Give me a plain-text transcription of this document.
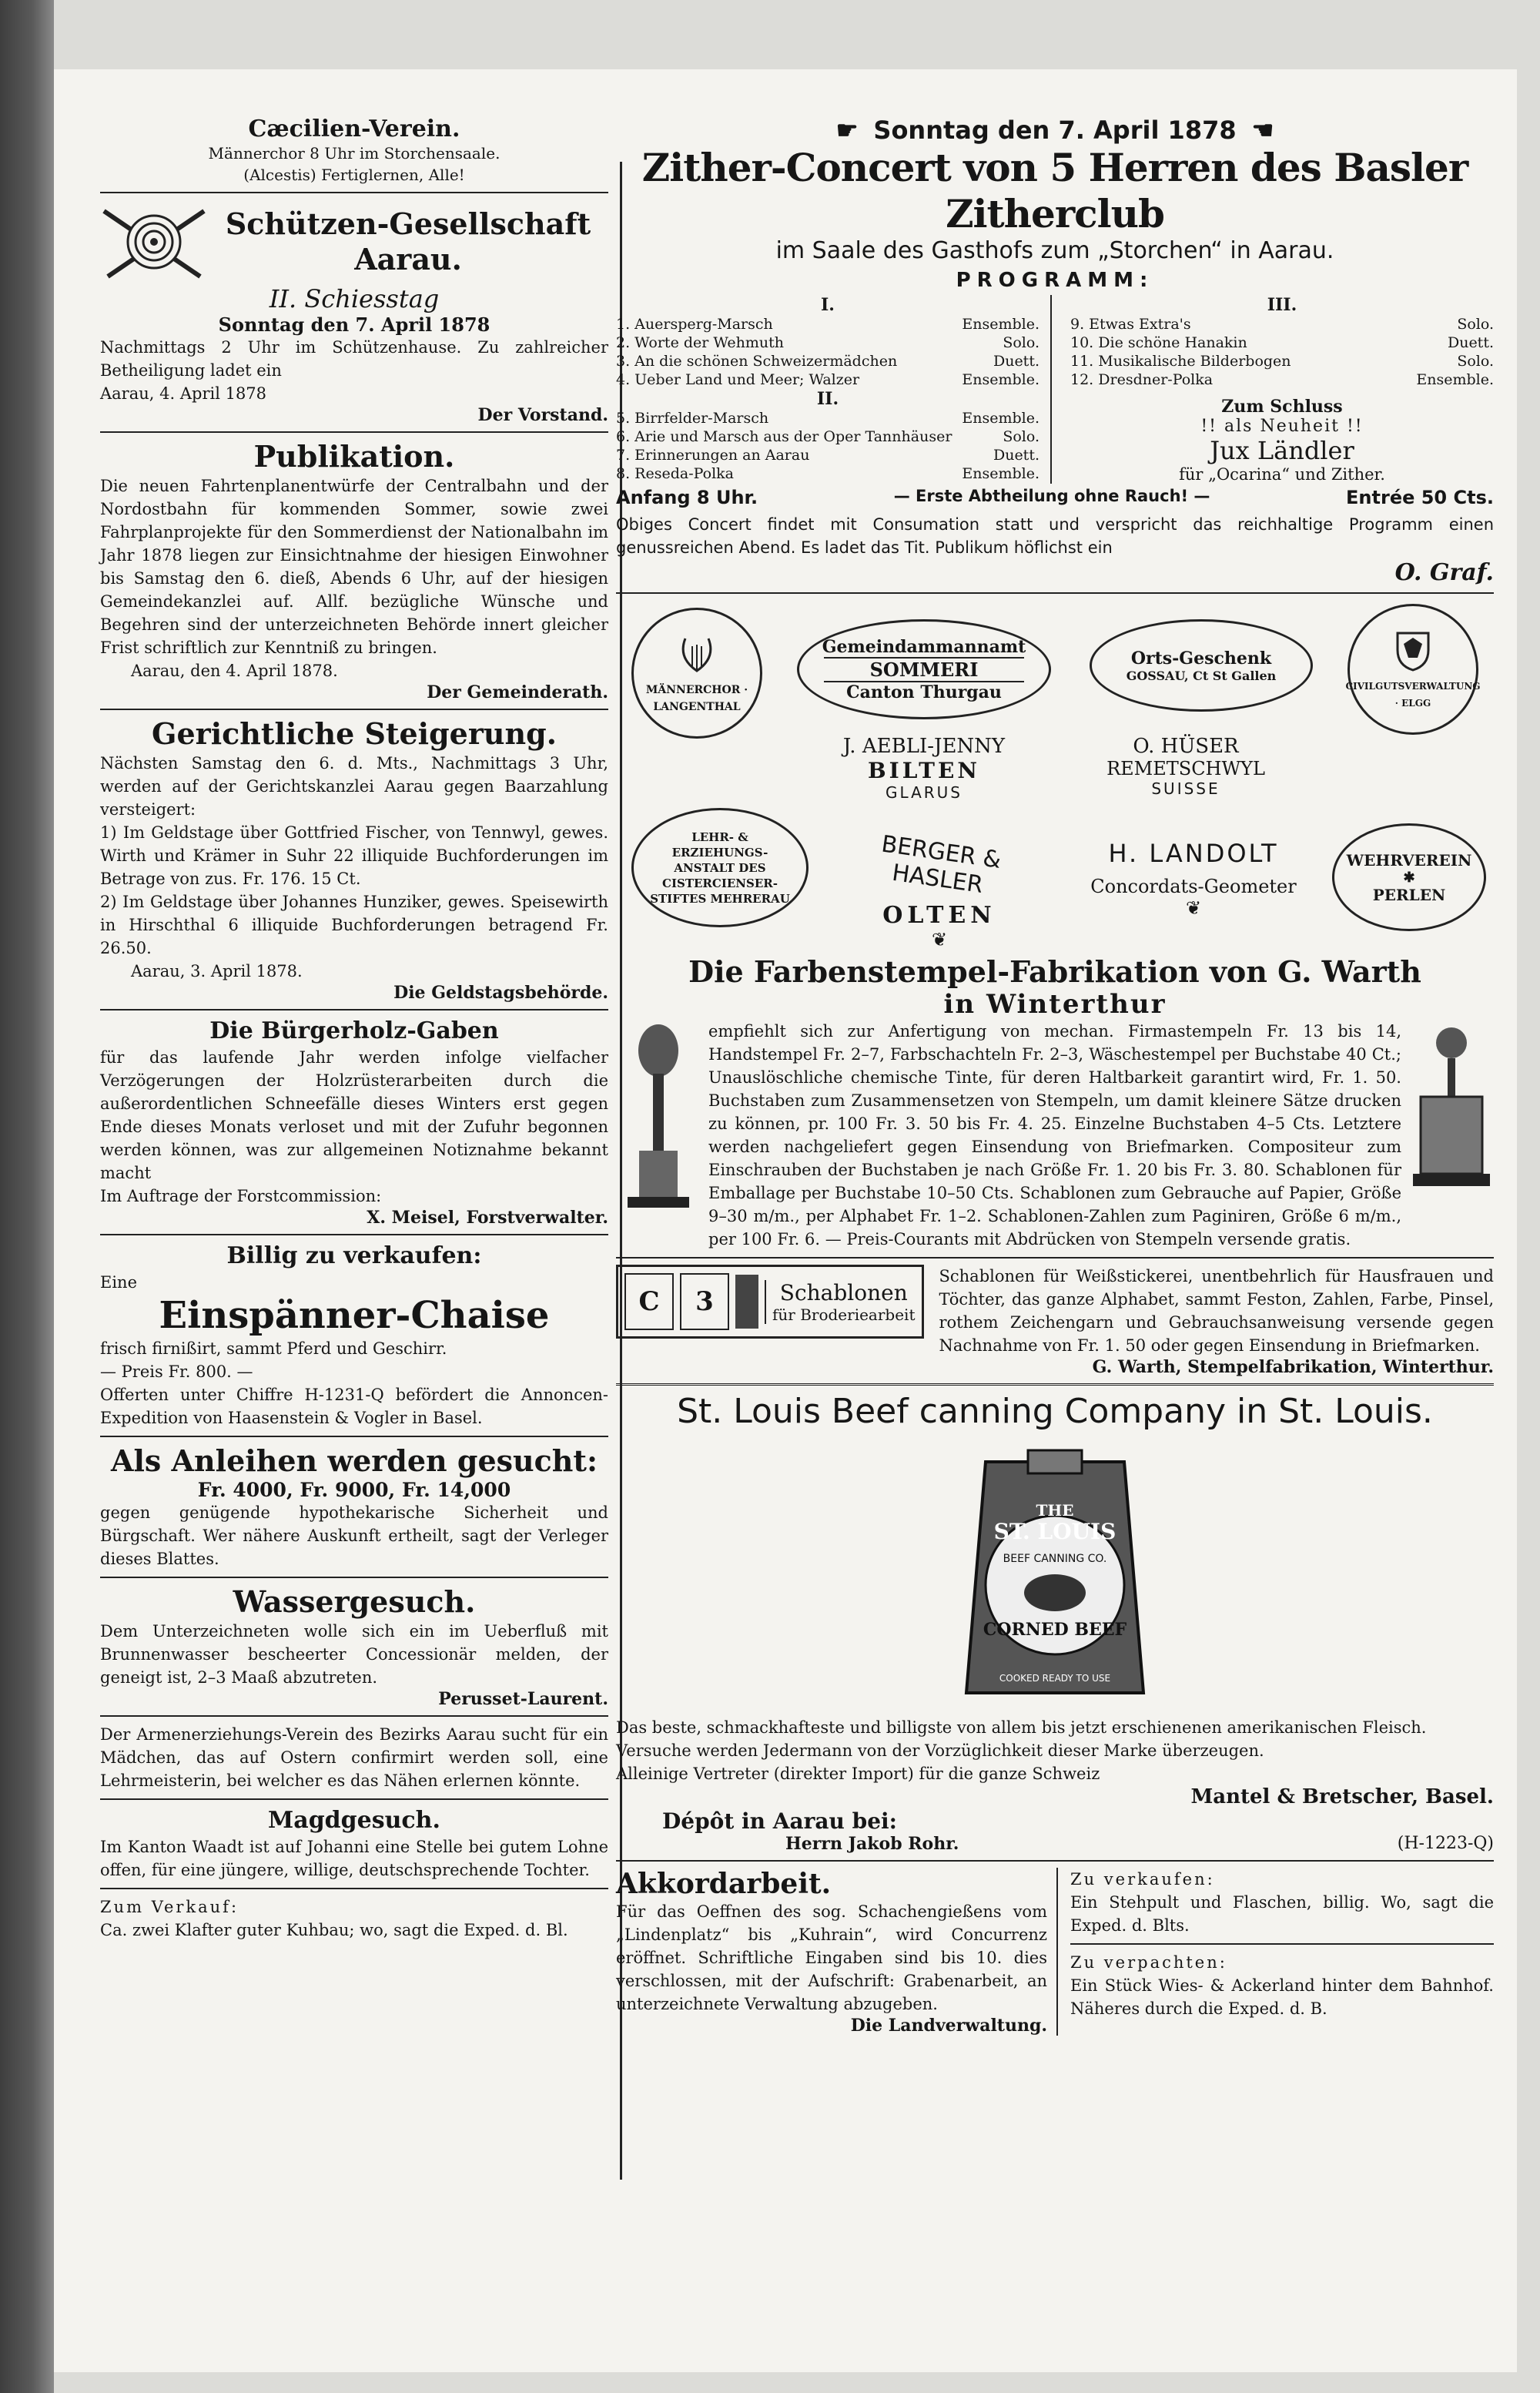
Cæcilien-Verein.
Männerchor 8 Uhr im Storchensaale.
(Alcestis) Fertiglernen, Alle!
Schützen-Gesellschaft
Aarau.
II. Schiesstag
Sonntag den 7. April 1878
Nachmittags 2 Uhr im Schützenhause. Zu zahlreicher Betheiligung ladet ein
Aarau, 4. April 1878
Der Vorstand.
Publikation.
Die neuen Fahrtenplanentwürfe der Centralbahn und der Nordostbahn für kommenden Sommer, sowie zwei Fahrplanprojekte für den Sommerdienst der Nationalbahn im Jahr 1878 liegen zur Einsichtnahme der hiesigen Einwohner bis Samstag den 6. dieß, Abends 6 Uhr, auf der hiesigen Gemeindekanzlei auf. Allf. bezügliche Wünsche und Begehren sind der unterzeichneten Behörde innert gleicher Frist schriftlich zur Kenntniß zu bringen.
Aarau, den 4. April 1878.
Der Gemeinderath.
Gerichtliche Steigerung.
Nächsten Samstag den 6. d. Mts., Nachmittags 3 Uhr, werden auf der Gerichtskanzlei Aarau gegen Baarzahlung versteigert:
1) Im Geldstage über Gottfried Fischer, von Tennwyl, gewes. Wirth und Krämer in Suhr 22 illiquide Buchforderungen im Betrage von zus. Fr. 176. 15 Ct.
2) Im Geldstage über Johannes Hunziker, gewes. Speisewirth in Hirschthal 6 illiquide Buchforderungen betragend Fr. 26.50.
Aarau, 3. April 1878.
Die Geldstagsbehörde.
Die Bürgerholz-Gaben
für das laufende Jahr werden infolge vielfacher Verzögerungen der Holzrüsterarbeiten durch die außerordentlichen Schneefälle dieses Winters erst gegen Ende dieses Monats verloset und mit der Zufuhr begonnen werden können, was zur allgemeinen Notiznahme bekannt macht
Im Auftrage der Forstcommission:
X. Meisel, Forstverwalter.
Billig zu verkaufen:
Eine
Einspänner-Chaise
frisch firnißirt, sammt Pferd und Geschirr.
— Preis Fr. 800. —
Offerten unter Chiffre H-1231-Q befördert die Annoncen-Expedition von Haasenstein & Vogler in Basel.
Als Anleihen werden gesucht:
Fr. 4000, Fr. 9000, Fr. 14,000
gegen genügende hypothekarische Sicherheit und Bürgschaft. Wer nähere Auskunft ertheilt, sagt der Verleger dieses Blattes.
Wassergesuch.
Dem Unterzeichneten wolle sich ein im Ueberfluß mit Brunnenwasser bescheerter Concessionär melden, der geneigt ist, 2–3 Maaß abzutreten.
Perusset-Laurent.
Der Armenerziehungs-Verein des Bezirks Aarau sucht für ein Mädchen, das auf Ostern confirmirt werden soll, eine Lehrmeisterin, bei welcher es das Nähen erlernen könnte.
Magdgesuch.
Im Kanton Waadt ist auf Johanni eine Stelle bei gutem Lohne offen, für eine jüngere, willige, deutschsprechende Tochter.
Zum Verkauf:
Ca. zwei Klafter guter Kuhbau; wo, sagt die Exped. d. Bl.
☛ Sonntag den 7. April 1878 ☚
Zither-Concert von 5 Herren des Basler Zitherclub
im Saale des Gasthofs zum „Storchen“ in Aarau.
PROGRAMM:
I.
1. Auersperg-Marsch	Ensemble.
2. Worte der Wehmuth	Solo.
3. An die schönen Schweizermädchen	Duett.
4. Ueber Land und Meer; Walzer	Ensemble.
II.
5. Birrfelder-Marsch	Ensemble.
6. Arie und Marsch aus der Oper Tannhäuser	Solo.
7. Erinnerungen an Aarau	Duett.
8. Reseda-Polka	Ensemble.
III.
9. Etwas Extra's	Solo.
10. Die schöne Hanakin	Duett.
11. Musikalische Bilderbogen	Solo.
12. Dresdner-Polka	Ensemble.
Zum Schluss
!! als Neuheit !!
Jux Ländler
für „Ocarina“ und Zither.
Anfang 8 Uhr.	— Erste Abtheilung ohne Rauch! —	Entrée 50 Cts.
Obiges Concert findet mit Consumation statt und verspricht das reichhaltige Programm einen genussreichen Abend. Es ladet das Tit. Publikum höflichst ein
O. Graf.
MÄNNERCHOR · LANGENTHAL
Gemeindammannamt
SOMMERI
Canton Thurgau
Orts-Geschenk
GOSSAU, Ct St Gallen
CIVILGUTSVERWALTUNG · ELGG
J. AEBLI-JENNY
BILTEN
GLARUS
O. HÜSER
REMETSCHWYL
SUISSE
LEHR- & ERZIEHUNGS-ANSTALT DES CISTERCIENSER-STIFTES MEHRERAU
BERGER & HASLER
OLTEN
❦
H. LANDOLT
Concordats-Geometer
❦
WEHRVEREIN
✱
PERLEN
Die Farbenstempel-Fabrikation von G. Warth
in Winterthur
empfiehlt sich zur Anfertigung von mechan. Firmastempeln Fr. 13 bis 14, Handstempel Fr. 2–7, Farbschachteln Fr. 2–3, Wäschestempel per Buchstabe 40 Ct.; Unauslöschliche chemische Tinte, für deren Haltbarkeit garantirt wird, Fr. 1. 50. Buchstaben zum Zusammensetzen von Stempeln, um damit kleinere Sätze drucken zu können, pr. 100 Fr. 3. 50 bis Fr. 4. 25. Einzelne Buchstaben 4–5 Cts. Letztere werden nachgeliefert gegen Einsendung von Briefmarken. Compositeur zum Einschrauben der Buchstaben je nach Größe Fr. 1. 20 bis Fr. 3. 80. Schablonen für Emballage per Buchstabe 10–50 Cts. Schablonen zum Gebrauche auf Papier, Größe 9–30 m/m., per Alphabet Fr. 1–2. Schablonen-Zahlen zum Paginiren, Größe 6 m/m., per 100 Fr. 6. — Preis-Courants mit Abdrücken von Stempeln versende gratis.
C	3	Schablonen
für Broderiearbeit
Schablonen für Weißstickerei, unentbehrlich für Hausfrauen und Töchter, das ganze Alphabet, sammt Feston, Zahlen, Farbe, Pinsel, rothem Zeichengarn und Gebrauchsanweisung versende gegen Nachnahme von Fr. 1. 50 oder gegen Einsendung in Briefmarken.
G. Warth, Stempelfabrikation, Winterthur.
St. Louis Beef canning Company in St. Louis.
THE
ST. LOUIS
BEEF CANNING CO.
CORNED BEEF
COOKED READY TO USE
Das beste, schmackhafteste und billigste von allem bis jetzt erschienenen amerikanischen Fleisch.
Versuche werden Jedermann von der Vorzüglichkeit dieser Marke überzeugen.
Alleinige Vertreter (direkter Import) für die ganze Schweiz
Mantel & Bretscher, Basel.
Dépôt in Aarau bei:
Herrn Jakob Rohr.	(H-1223-Q)
Akkordarbeit.
Für das Oeffnen des sog. Schachengießens vom „Lindenplatz“ bis „Kuhrain“, wird Concurrenz eröffnet. Schriftliche Eingaben sind bis 10. dies verschlossen, mit der Aufschrift: Grabenarbeit, an unterzeichnete Verwaltung abzugeben.
Die Landverwaltung.
Zu verkaufen:
Ein Stehpult und Flaschen, billig. Wo, sagt die Exped. d. Blts.
Zu verpachten:
Ein Stück Wies- & Ackerland hinter dem Bahnhof. Näheres durch die Exped. d. B.
